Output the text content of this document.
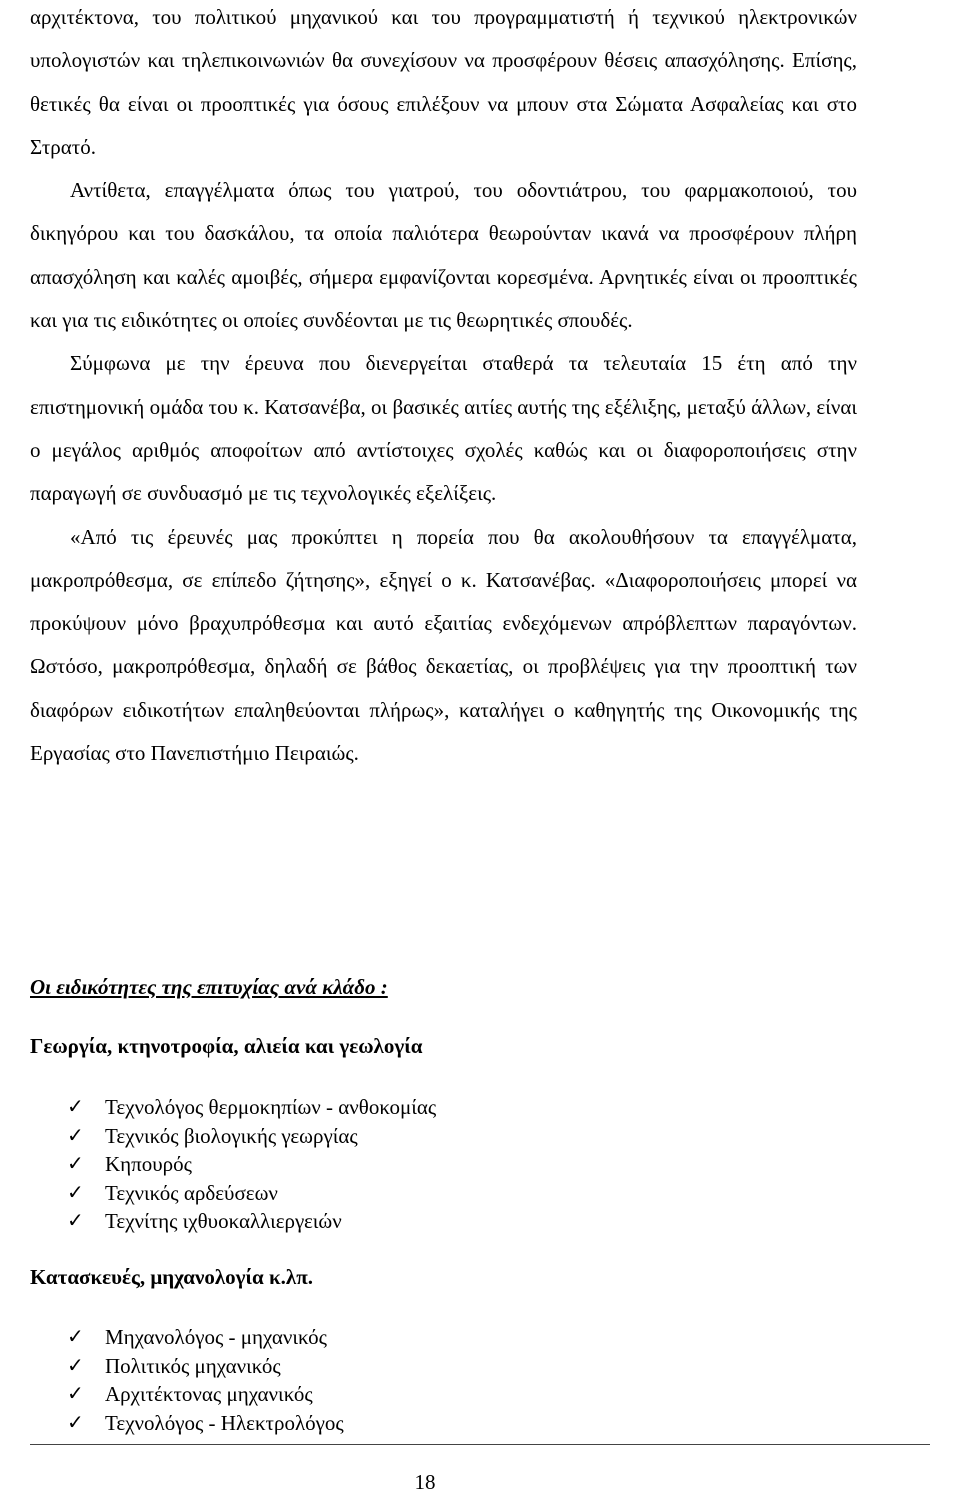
αρχιτέκτονα, του πολιτικού μηχανικού και του προγραμματιστή ή τεχνικού ηλεκτρονικών υπολογιστών και τηλεπικοινωνιών θα συνεχίσουν να προσφέρουν θέσεις απασχόλησης. Επίσης, θετικές θα είναι οι προοπτικές για όσους επιλέξουν να μπουν στα Σώματα Ασφαλείας και στο Στρατό.

Αντίθετα, επαγγέλματα όπως του γιατρού, του οδοντιάτρου, του φαρμακοποιού, του δικηγόρου και του δασκάλου, τα οποία παλιότερα θεωρούνταν ικανά να προσφέρουν πλήρη απασχόληση και καλές αμοιβές, σήμερα εμφανίζονται κορεσμένα. Αρνητικές είναι οι προοπτικές και για τις ειδικότητες οι οποίες συνδέονται με τις θεωρητικές σπουδές.

Σύμφωνα με την έρευνα που διενεργείται σταθερά τα τελευταία 15 έτη από την επιστημονική ομάδα του κ. Κατσανέβα, οι βασικές αιτίες αυτής της εξέλιξης, μεταξύ άλλων, είναι ο μεγάλος αριθμός αποφοίτων από αντίστοιχες σχολές καθώς και οι διαφοροποιήσεις στην παραγωγή σε συνδυασμό με τις τεχνολογικές εξελίξεις.

«Από τις έρευνές μας προκύπτει η πορεία που θα ακολουθήσουν τα επαγγέλματα, μακροπρόθεσμα, σε επίπεδο ζήτησης», εξηγεί ο κ. Κατσανέβας. «Διαφοροποιήσεις μπορεί να προκύψουν μόνο βραχυπρόθεσμα και αυτό εξαιτίας ενδεχόμενων απρόβλεπτων παραγόντων. Ωστόσο, μακροπρόθεσμα, δηλαδή σε βάθος δεκαετίας, οι προβλέψεις για την προοπτική των διαφόρων ειδικοτήτων επαληθεύονται πλήρως», καταλήγει ο καθηγητής της Οικονομικής της Εργασίας στο Πανεπιστήμιο Πειραιώς.

Οι ειδικότητες της επιτυχίας ανά κλάδο :
Γεωργία, κτηνοτροφία, αλιεία και γεωλογία
✓	Τεχνολόγος θερμοκηπίων - ανθοκομίας
✓	Τεχνικός βιολογικής γεωργίας
✓	Κηπουρός
✓	Τεχνικός αρδεύσεων
✓	Τεχνίτης ιχθυοκαλλιεργειών
Κατασκευές, μηχανολογία κ.λπ.
✓	Μηχανολόγος - μηχανικός
✓	Πολιτικός μηχανικός
✓	Αρχιτέκτονας μηχανικός
✓	Τεχνολόγος - Ηλεκτρολόγος
18
